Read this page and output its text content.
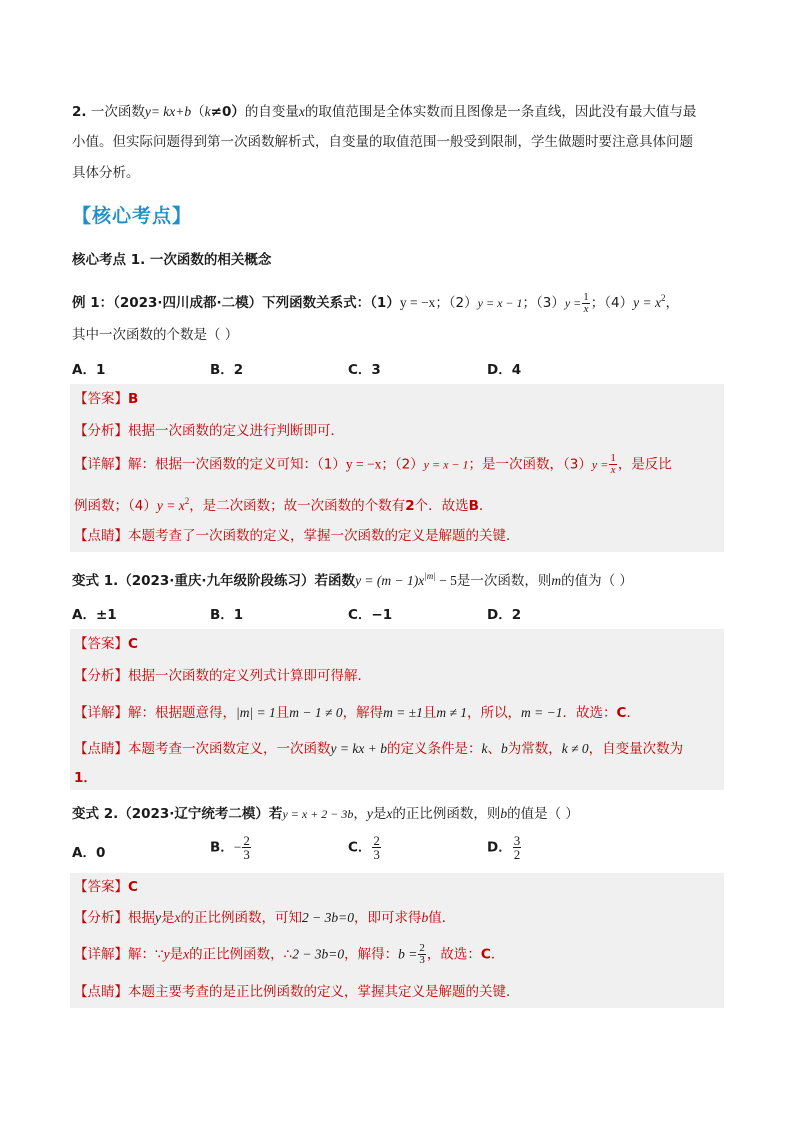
2. 一次函数y= kx+b（k≠0）的自变量x的取值范围是全体实数而且图像是一条直线，因此没有最大值与最
小值。但实际问题得到第一次函数解析式，自变量的取值范围一般受到限制，学生做题时要注意具体问题
具体分析。
【核心考点】
核心考点 1. 一次函数的相关概念
例 1：（2023·四川成都·二模）下列函数关系式：（1）y = −x；（2）y = x − 1；$(3)y = \frac{1}{x}$ ；$(4)y = x^2$，
其中一次函数的个数是（ ）
A．1	B．2	C．3	D．4
【答案】B
【分析】根据一次函数的定义进行判断即可．
【详解】解：根据一次函数的定义可知：（1）y = −x；（2）y = x − 1；是一次函数，$(3)y = \frac{1}{x}$ ，是反比
例函数；$(4)y = x^2$，是二次函数；故一次函数的个数有2个．故选B．
【点睛】本题考查了一次函数的定义，掌握一次函数的定义是解题的关键．
变式 1.（2023·重庆·九年级阶段练习）若函数$y = (m - 1)x^{|m|} - 5$是一次函数，则m的值为（ ）
A．±1	B．1	C．−1	D．2
【答案】C
【分析】根据一次函数的定义列式计算即可得解．
【详解】解：根据题意得，|m| = 1且m − 1 ≠ 0，解得m = ±1且m ≠ 1，所以，m = −1．故选：C．
【点睛】本题考查一次函数定义，一次函数y = kx + b的定义条件是：k、b为常数，k ≠ 0，自变量次数为
1．
变式 2.（2023·辽宁统考二模）若y = x + 2 − 3b，y是x的正比例函数，则b的值是（ ）
A．0	B．− $\frac{2}{3}$	C． $\frac{2}{3}$	D． $\frac{3}{2}$
【答案】C
【分析】根据y是x的正比例函数，可知2 − 3b=0，即可求得b值．
【详解】解：∵y是x的正比例函数，∴2 − 3b=0，解得：$b = \frac{2}{3}$ ，故选：C．
【点睛】本题主要考查的是正比例函数的定义，掌握其定义是解题的关键．
